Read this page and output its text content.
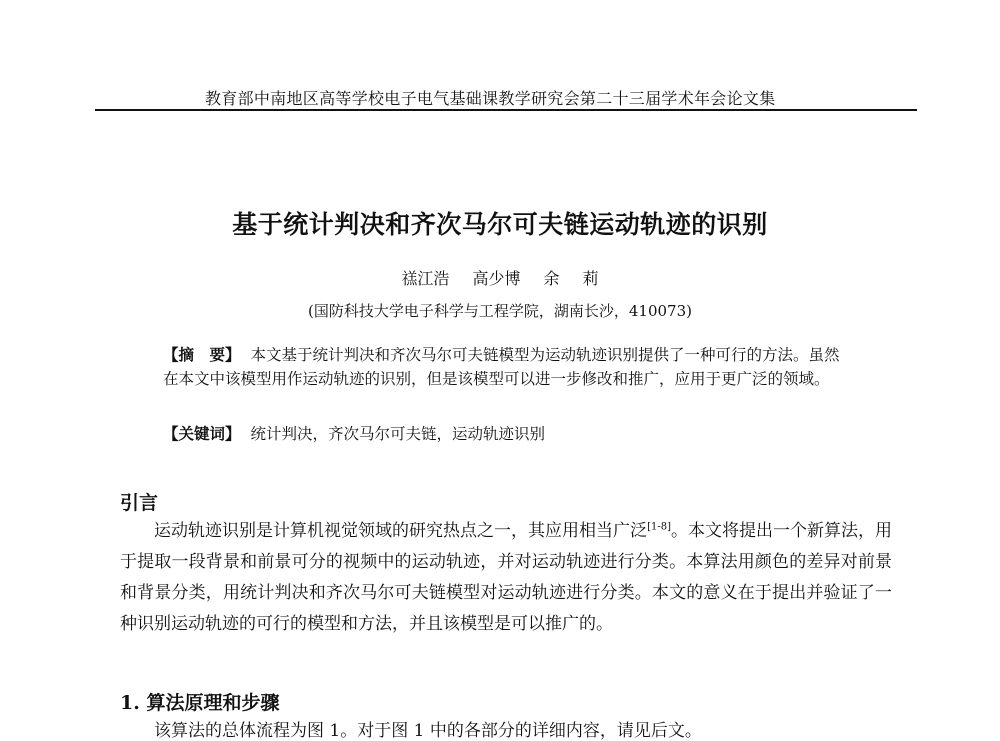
教育部中南地区高等学校电子电气基础课教学研究会第二十三届学术年会论文集
基于统计判决和齐次马尔可夫链运动轨迹的识别
禚江浩 高少博 余 莉
(国防科技大学电子科学与工程学院，湖南长沙，410073)
【摘　要】 本文基于统计判决和齐次马尔可夫链模型为运动轨迹识别提供了一种可行的方法。虽然在本文中该模型用作运动轨迹的识别，但是该模型可以进一步修改和推广，应用于更广泛的领域。
【关键词】 统计判决，齐次马尔可夫链，运动轨迹识别
引言
运动轨迹识别是计算机视觉领域的研究热点之一，其应用相当广泛[1-8]。本文将提出一个新算法，用于提取一段背景和前景可分的视频中的运动轨迹，并对运动轨迹进行分类。本算法用颜色的差异对前景和背景分类，用统计判决和齐次马尔可夫链模型对运动轨迹进行分类。本文的意义在于提出并验证了一种识别运动轨迹的可行的模型和方法，并且该模型是可以推广的。
1. 算法原理和步骤
该算法的总体流程为图 1。对于图 1 中的各部分的详细内容，请见后文。
